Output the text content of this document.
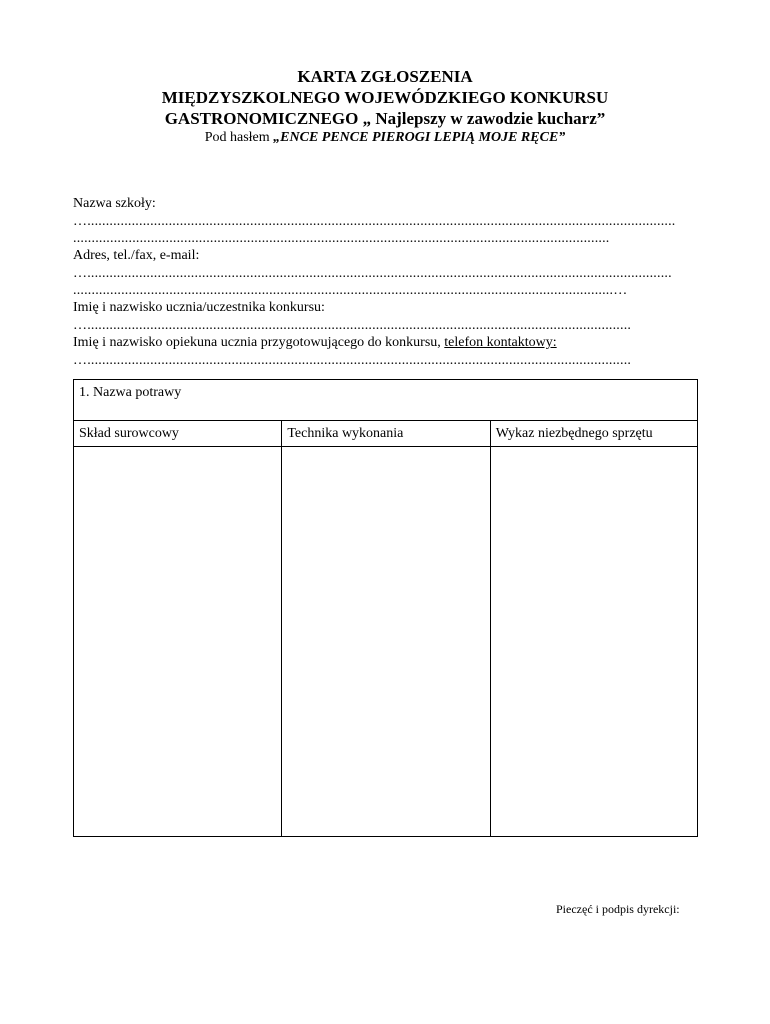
KARTA ZGŁOSZENIA
MIĘDZYSZKOLNEGO WOJEWÓDZKIEGO KONKURSU
GASTRONOMICZNEGO „ Najlepszy w zawodzie kucharz”
Pod hasłem „ENCE PENCE PIEROGI LEPIĄ MOJE RĘCE”
Nazwa szkoły:
…...............................................................................................................................................................
.................................................................................................................................................
Adres, tel./fax, e-mail:
…..............................................................................................................................................................
..................................................................................................................................................…
Imię i nazwisko ucznia/uczestnika konkursu:
…...................................................................................................................................................
Imię i nazwisko opiekuna ucznia przygotowującego do konkursu, telefon kontaktowy:
…...................................................................................................................................................
1. Nazwa potrawy		
Skład surowcowy	Technika wykonania	Wykaz niezbędnego sprzętu

Pieczęć i podpis dyrekcji:
